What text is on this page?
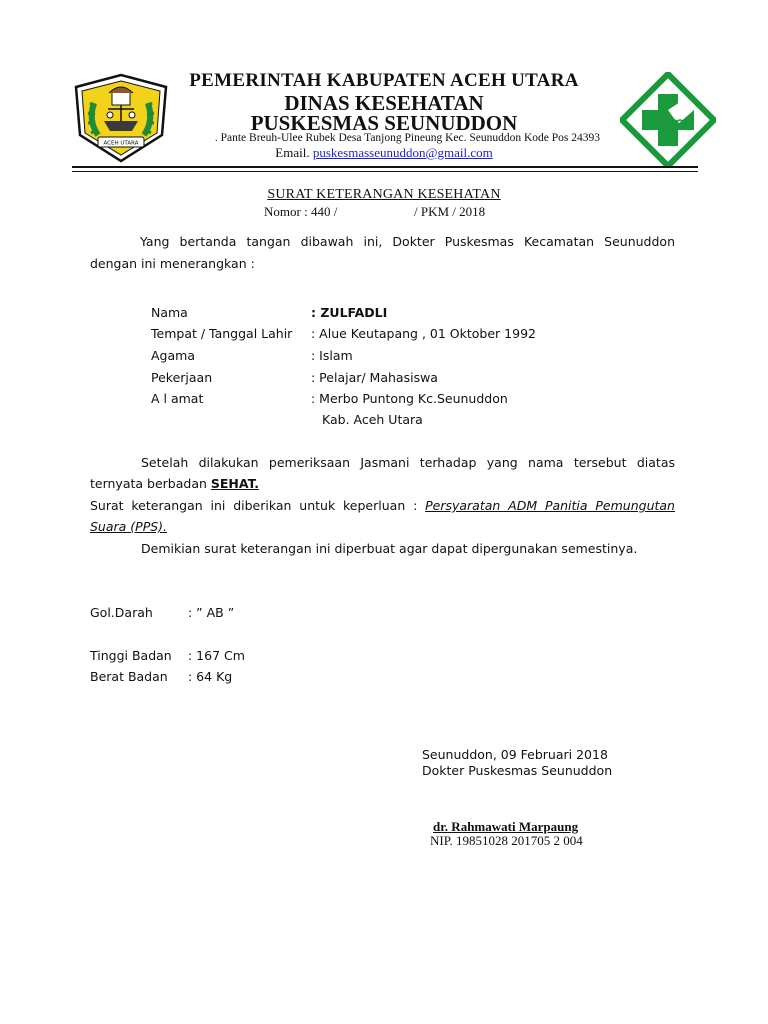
ACEH UTARA
PEMERINTAH KABUPATEN ACEH UTARA
DINAS KESEHATAN
PUSKESMAS SEUNUDDON
. Pante Breuh-Ulee Rubek Desa Tanjong Pineung Kec. Seunuddon Kode Pos 24393
Email. puskesmasseunuddon@gmail.com
SURAT KETERANGAN KESEHATAN
Nomor : 440 /	/ PKM / 2018
Yang bertanda tangan dibawah ini, Dokter Puskesmas Kecamatan Seunuddon
dengan ini menerangkan :
Nama	: ZULFADLI
Tempat / Tanggal Lahir : Alue Keutapang , 01 Oktober 1992
Agama	: Islam
Pekerjaan	: Pelajar/ Mahasiswa
A l amat	: Merbo Puntong Kc.Seunuddon
Kab. Aceh Utara
Setelah dilakukan pemeriksaan Jasmani terhadap yang nama tersebut diatas
ternyata berbadan SEHAT.
Surat keterangan ini diberikan untuk keperluan : Persyaratan ADM Panitia Pemungutan
Suara (PPS).
Demikian surat keterangan ini diperbuat agar dapat dipergunakan semestinya.
Gol.Darah	: ” AB ”
Tinggi Badan : 167 Cm
Berat Badan : 64 Kg
Seunuddon, 09 Februari 2018
Dokter Puskesmas Seunuddon
dr. Rahmawati Marpaung
NIP. 19851028 201705 2 004
